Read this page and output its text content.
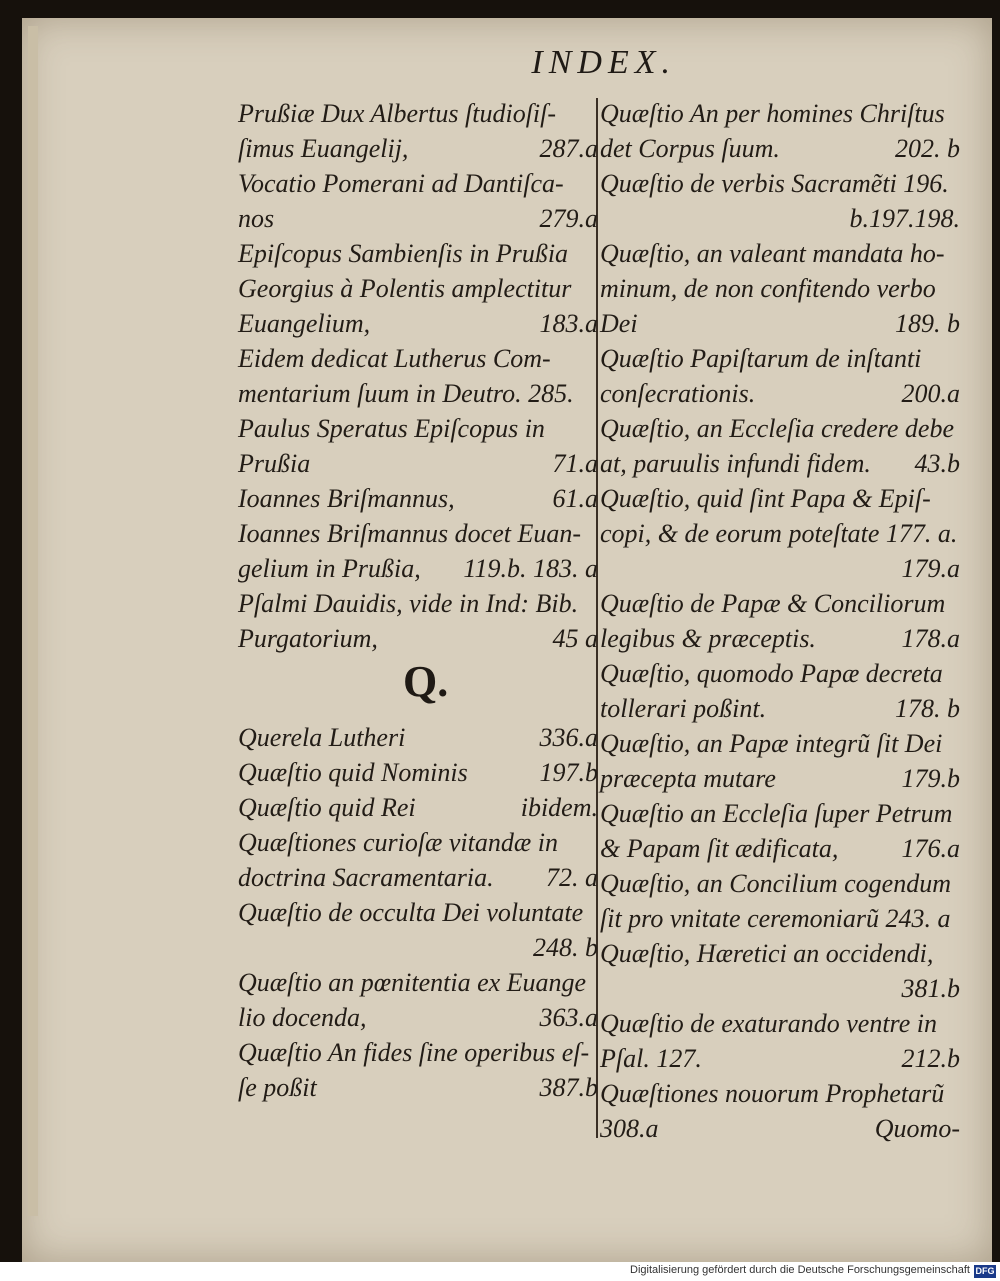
INDEX.
Prußiæ Dux Albertus ſtudioſiſ-
ſimus Euangelij,	287.a
Vocatio Pomerani ad Dantiſca-
nos	279.a
Epiſcopus Sambienſis in Prußia
Georgius à Polentis amplectitur
Euangelium,	183.a
Eidem dedicat Lutherus Com-
mentarium ſuum in Deutro. 285.
Paulus Speratus Epiſcopus in
Prußia	71.a
Ioannes Briſmannus,	61.a
Ioannes Briſmannus docet Euan-
gelium in Prußia, 119.b. 183. a
Pſalmi Dauidis, vide in Ind: Bib.
Purgatorium,	45 a
Q.
Querela Lutheri	336.a
Quæſtio quid Nominis	197.b
Quæſtio quid Rei	ibidem.
Quæſtiones curioſæ vitandæ in
doctrina Sacramentaria. 72. a
Quæſtio de occulta Dei voluntate
248. b
Quæſtio an pœnitentia ex Euange
lio docenda,	363.a
Quæſtio An fides ſine operibus eſ-
ſe poßit	387.b
Quæſtio An per homines Chriſtus
det Corpus ſuum.	202. b
Quæſtio de verbis Sacramẽti 196.
b.197.198.
Quæſtio, an valeant mandata ho-
minum, de non confitendo verbo
Dei	189. b
Quæſtio Papiſtarum de inſtanti
conſecrationis.	200.a
Quæſtio, an Eccleſia credere debe
at, paruulis infundi fidem. 43.b
Quæſtio, quid ſint Papa & Epiſ-
copi, & de eorum poteſtate 177. a.
179.a
Quæſtio de Papæ & Conciliorum
legibus & præceptis.	178.a
Quæſtio, quomodo Papæ decreta
tollerari poßint.	178. b
Quæſtio, an Papæ integrũ ſit Dei
præcepta mutare	179.b
Quæſtio an Eccleſia ſuper Petrum
& Papam ſit ædificata, 176.a
Quæſtio, an Concilium cogendum
ſit pro vnitate ceremoniarũ 243. a
Quæſtio, Hæretici an occidendi,
381.b
Quæſtio de exaturando ventre in
Pſal. 127.	212.b
Quæſtiones nouorum Prophetarũ
308.a	Quomo-
Digitalisierung gefördert durch die Deutsche Forschungsgemeinschaft DFG
